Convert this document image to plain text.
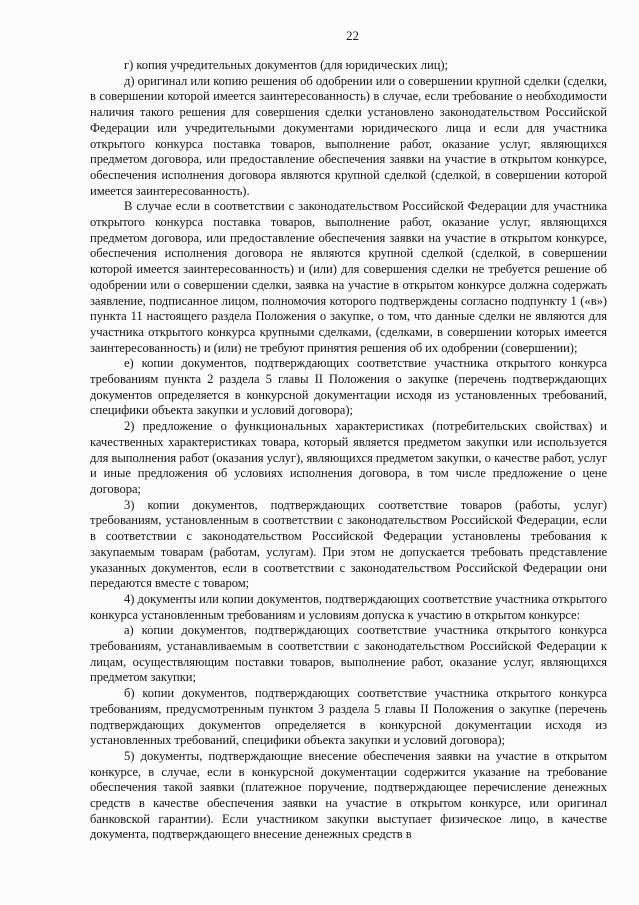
22

г) копия учредительных документов (для юридических лиц);

д) оригинал или копию решения об одобрении или о совершении крупной сделки (сделки, в совершении которой имеется заинтересованность) в случае, если требование о необходимости наличия такого решения для совершения сделки установлено законодательством Российской Федерации или учредительными документами юридического лица и если для участника открытого конкурса поставка товаров, выполнение работ, оказание услуг, являющихся предметом договора, или предоставление обеспечения заявки на участие в открытом конкурсе, обеспечения исполнения договора являются крупной сделкой (сделкой, в совершении которой имеется заинтересованность).

В случае если в соответствии с законодательством Российской Федерации для участника открытого конкурса поставка товаров, выполнение работ, оказание услуг, являющихся предметом договора, или предоставление обеспечения заявки на участие в открытом конкурсе, обеспечения исполнения договора не являются крупной сделкой (сделкой, в совершении которой имеется заинтересованность) и (или) для совершения сделки не требуется решение об одобрении или о совершении сделки, заявка на участие в открытом конкурсе должна содержать заявление, подписанное лицом, полномочия которого подтверждены согласно подпункту 1 («в») пункта 11 настоящего раздела Положения о закупке, о том, что данные сделки не являются для участника открытого конкурса крупными сделками, (сделками, в совершении которых имеется заинтересованность) и (или) не требуют принятия решения об их одобрении (совершении);

е) копии документов, подтверждающих соответствие участника открытого конкурса требованиям пункта 2 раздела 5 главы II Положения о закупке (перечень подтверждающих документов определяется в конкурсной документации исходя из установленных требований, специфики объекта закупки и условий договора);

2) предложение о функциональных характеристиках (потребительских свойствах) и качественных характеристиках товара, который является предметом закупки или используется для выполнения работ (оказания услуг), являющихся предметом закупки, о качестве работ, услуг и иные предложения об условиях исполнения договора, в том числе предложение о цене договора;

3) копии документов, подтверждающих соответствие товаров (работы, услуг) требованиям, установленным в соответствии с законодательством Российской Федерации, если в соответствии с законодательством Российской Федерации установлены требования к закупаемым товарам (работам, услугам). При этом не допускается требовать представление указанных документов, если в соответствии с законодательством Российской Федерации они передаются вместе с товаром;

4) документы или копии документов, подтверждающих соответствие участника открытого конкурса установленным требованиям и условиям допуска к участию в открытом конкурсе:

а) копии документов, подтверждающих соответствие участника открытого конкурса требованиям, устанавливаемым в соответствии с законодательством Российской Федерации к лицам, осуществляющим поставки товаров, выполнение работ, оказание услуг, являющихся предметом закупки;

б) копии документов, подтверждающих соответствие участника открытого конкурса требованиям, предусмотренным пунктом 3 раздела 5 главы II Положения о закупке (перечень подтверждающих документов определяется в конкурсной документации исходя из установленных требований, специфики объекта закупки и условий договора);

5) документы, подтверждающие внесение обеспечения заявки на участие в открытом конкурсе, в случае, если в конкурсной документации содержится указание на требование обеспечения такой заявки (платежное поручение, подтверждающее перечисление денежных средств в качестве обеспечения заявки на участие в открытом конкурсе, или оригинал банковской гарантии). Если участником закупки выступает физическое лицо, в качестве документа, подтверждающего внесение денежных средств в
